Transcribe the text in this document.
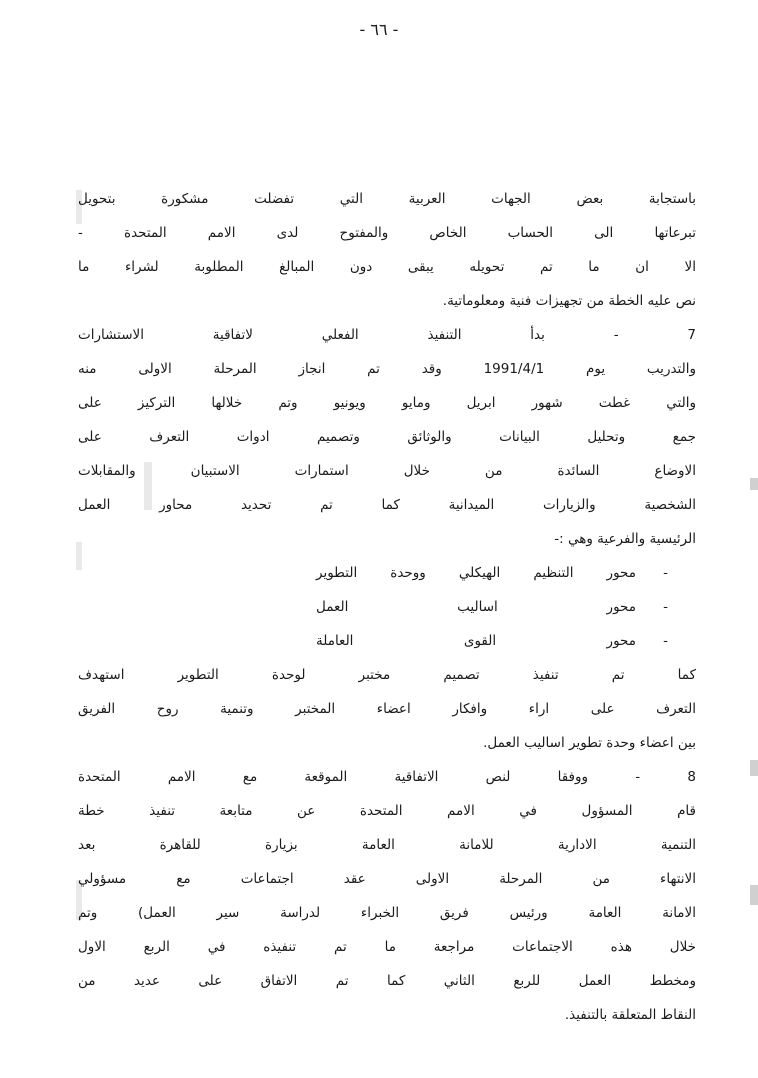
- ٦٦ -
باستجابة بعض الجهات العربية التي تفضلت مشكورة بتحويل
تبرعاتها الى الحساب الخاص والمفتوح لدى الامم المتحدة -
الا ان ما تم تحويله يبقى دون المبالغ المطلوبة لشراء ما
نص عليه الخطة من تجهيزات فنية ومعلوماتية.
7 - بدأ التنفيذ الفعلي لاتفاقية الاستشارات
والتدريب يوم 1991/4/1 وقد تم انجاز المرحلة الاولى منه
والتي غطت شهور ابريل ومايو ويونيو وتم خلالها التركيز على
جمع وتحليل البيانات والوثائق وتصميم ادوات التعرف على
الاوضاع السائدة من خلال استمارات الاستبيان والمقابلات
الشخصية والزيارات الميدانية كما تم تحديد محاور العمل
الرئيسية والفرعية وهي :-
-
محور التنظيم الهيكلي ووحدة التطوير
-
محور اساليب العمل
-
محور القوى العاملة
كما تم تنفيذ تصميم مختبر لوحدة التطوير استهدف
التعرف على اراء وافكار اعضاء المختبر وتنمية روح الفريق
بين اعضاء وحدة تطوير اساليب العمل.
8 - ووفقا لنص الاتفاقية الموقعة مع الامم المتحدة
قام المسؤول في الامم المتحدة عن متابعة تنفيذ خطة
التنمية الادارية للامانة العامة بزيارة للقاهرة بعد
الانتهاء من المرحلة الاولى عقد اجتماعات مع مسؤولي
الامانة العامة ورئيس فريق الخبراء لدراسة سير العمل) وتم
خلال هذه الاجتماعات مراجعة ما تم تنفيذه في الربع الاول
ومخطط العمل للربع الثاني كما تم الاتفاق على عديد من
النقاط المتعلقة بالتنفيذ.
